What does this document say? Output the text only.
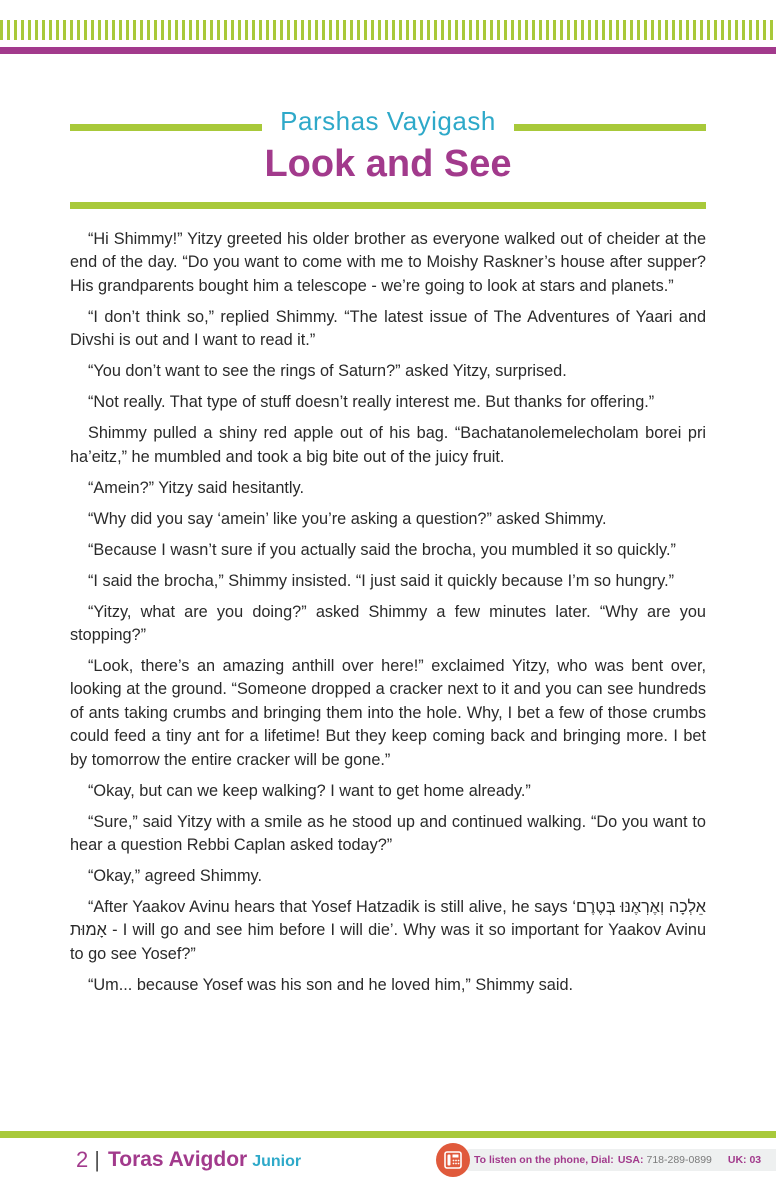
Parshas Vayigash
Look and See

“Hi Shimmy!” Yitzy greeted his older brother as everyone walked out of cheider at the end of the day. “Do you want to come with me to Moishy Raskner’s house after supper? His grandparents bought him a telescope - we’re going to look at stars and planets.”

“I don’t think so,” replied Shimmy. “The latest issue of The Adventures of Yaari and Divshi is out and I want to read it.”

“You don’t want to see the rings of Saturn?” asked Yitzy, surprised.

“Not really. That type of stuff doesn’t really interest me. But thanks for offering.”

Shimmy pulled a shiny red apple out of his bag. “Bachatanolemelecholam borei pri ha’eitz,” he mumbled and took a big bite out of the juicy fruit.

“Amein?” Yitzy said hesitantly.

“Why did you say ‘amein’ like you’re asking a question?” asked Shimmy.

“Because I wasn’t sure if you actually said the brocha, you mumbled it so quickly.”

“I said the brocha,” Shimmy insisted. “I just said it quickly because I’m so hungry.”

“Yitzy, what are you doing?” asked Shimmy a few minutes later. “Why are you stopping?”

“Look, there’s an amazing anthill over here!” exclaimed Yitzy, who was bent over, looking at the ground. “Someone dropped a cracker next to it and you can see hundreds of ants taking crumbs and bringing them into the hole. Why, I bet a few of those crumbs could feed a tiny ant for a lifetime! But they keep coming back and bringing more. I bet by tomorrow the entire cracker will be gone.”

“Okay, but can we keep walking? I want to get home already.”

“Sure,” said Yitzy with a smile as he stood up and continued walking. “Do you want to hear a question Rebbi Caplan asked today?”

“Okay,” agreed Shimmy.

“After Yaakov Avinu hears that Yosef Hatzadik is still alive, he says ‘אֵלְכָה וְאֶרְאֶנּוּ בְּטֶרֶם אָמוּת - I will go and see him before I will die’. Why was it so important for Yaakov Avinu to go see Yosef?”

“Um... because Yosef was his son and he loved him,” Shimmy said.

2 | Toras Avigdor Junior	To listen on the phone, Dial: USA: 718-289-0899 UK: 03
